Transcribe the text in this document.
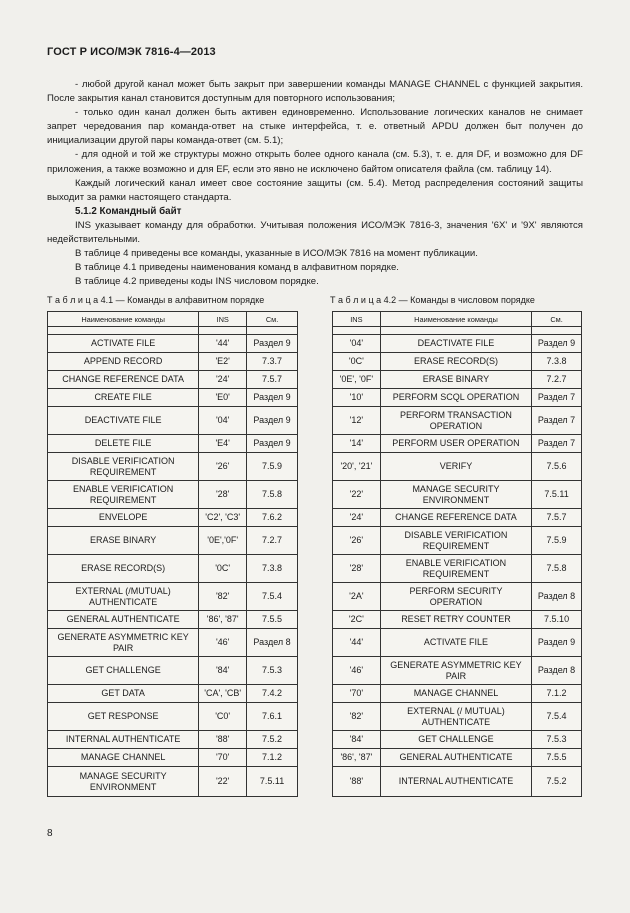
ГОСТ Р ИСО/МЭК 7816-4—2013

- любой другой канал может быть закрыт при завершении команды MANAGE CHANNEL с функцией закрытия. После закрытия канал становится доступным для повторного использования;

- только один канал должен быть активен единовременно. Использование логических каналов не снимает запрет чередования пар команда-ответ на стыке интерфейса, т. е. ответный APDU должен быт получен до инициализации другой пары команда-ответ (см. 5.1);

- для одной и той же структуры можно открыть более одного канала (см. 5.3), т. е. для DF, и возможно для DF приложения, а также возможно и для EF, если это явно не исключено байтом описателя файла (см. таблицу 14).

Каждый логический канал имеет свое состояние защиты (см. 5.4). Метод распределения состояний защиты выходит за рамки настоящего стандарта.

5.1.2 Командный байт

INS указывает команду для обработки. Учитывая положения ИСО/МЭК 7816-3, значения '6X' и '9X' являются недействительными.

В таблице 4 приведены все команды, указанные в ИСО/МЭК 7816 на момент публикации.

В таблице 4.1 приведены наименования команд в алфавитном порядке.

В таблице 4.2 приведены коды INS числовом порядке.

Т а б л и ц а 4.1 — Команды в алфавитном порядке	Т а б л и ц а 4.2 — Команды в числовом порядке
Наименование команды	INS	См.

ACTIVATE FILE	'44'	Раздел 9
APPEND RECORD	'E2'	7.3.7
CHANGE REFERENCE DATA	'24'	7.5.7
CREATE FILE	'E0'	Раздел 9
DEACTIVATE FILE	'04'	Раздел 9
DELETE FILE	'E4'	Раздел 9
DISABLE VERIFICATION REQUIREMENT	'26'	7.5.9
ENABLE VERIFICATION REQUIREMENT	'28'	7.5.8
ENVELOPE	'C2', 'C3'	7.6.2
ERASE BINARY	'0E','0F'	7.2.7
ERASE RECORD(S)	'0C'	7.3.8
EXTERNAL (/MUTUAL) AUTHENTICATE	'82'	7.5.4
GENERAL AUTHENTICATE	'86', '87'	7.5.5
GENERATE ASYMMETRIC KEY PAIR	'46'	Раздел 8
GET CHALLENGE	'84'	7.5.3
GET DATA	'CA', 'CB'	7.4.2
GET RESPONSE	'C0'	7.6.1
INTERNAL AUTHENTICATE	'88'	7.5.2
MANAGE CHANNEL	'70'	7.1.2
MANAGE SECURITY ENVIRONMENT	'22'	7.5.11
INS	Наименование команды	См.

'04'	DEACTIVATE FILE	Раздел 9
'0C'	ERASE RECORD(S)	7.3.8
'0E', '0F'	ERASE BINARY	7.2.7
'10'	PERFORM SCQL OPERATION	Раздел 7
'12'	PERFORM TRANSACTION OPERATION	Раздел 7
'14'	PERFORM USER OPERATION	Раздел 7
'20', '21'	VERIFY	7.5.6
'22'	MANAGE SECURITY ENVIRONMENT	7.5.11
'24'	CHANGE REFERENCE DATA	7.5.7
'26'	DISABLE VERIFICATION REQUIREMENT	7.5.9
'28'	ENABLE VERIFICATION REQUIREMENT	7.5.8
'2A'	PERFORM SECURITY OPERATION	Раздел 8
'2C'	RESET RETRY COUNTER	7.5.10
'44'	ACTIVATE FILE	Раздел 9
'46'	GENERATE ASYMMETRIC KEY PAIR	Раздел 8
'70'	MANAGE CHANNEL	7.1.2
'82'	EXTERNAL (/ MUTUAL) AUTHENTICATE	7.5.4
'84'	GET CHALLENGE	7.5.3
'86', '87'	GENERAL AUTHENTICATE	7.5.5
'88'	INTERNAL AUTHENTICATE	7.5.2
8
